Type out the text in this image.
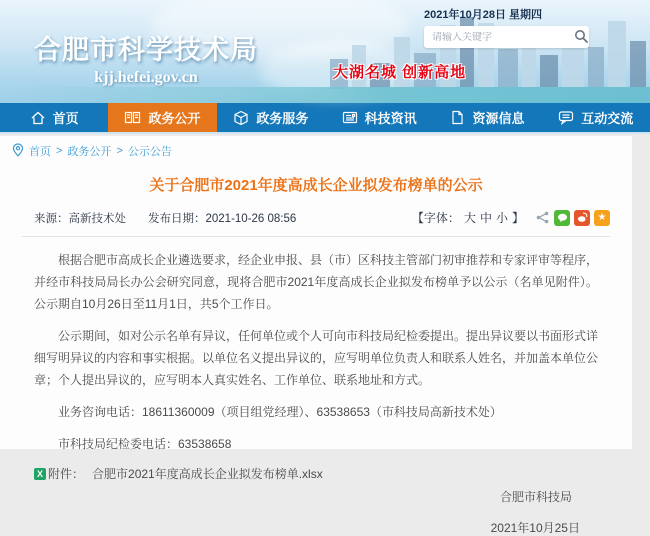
合肥市科学技术局
kjj.hefei.gov.cn
2021年10月28日 星期四
请输入关键字
大湖名城 创新高地
首页	政务公开	政务服务	科技资讯	资源信息	互动交流
首页 > 政务公开 > 公示公告
关于合肥市2021年度高成长企业拟发布榜单的公示
来源：高新技术处 发布日期：2021-10-26 08:56	【字体： 大 中 小 】	★

根据合肥市高成长企业遴选要求，经企业申报、县（市）区科技主管部门初审推荐和专家评审等程序，并经市科技局局长办公会研究同意，现将合肥市2021年度高成长企业拟发布榜单予以公示（名单见附件）。公示期自10月26日至11月1日，共5个工作日。

公示期间，如对公示名单有异议，任何单位或个人可向市科技局纪检委提出。提出异议要以书面形式详细写明异议的内容和事实根据。以单位名义提出异议的，应写明单位负责人和联系人姓名，并加盖本单位公章；个人提出异议的，应写明本人真实姓名、工作单位、联系地址和方式。

业务咨询电话：18611360009（项目组党经理）、63538653（市科技局高新技术处）

市科技局纪检委电话：63538658

X 附件： 合肥市2021年度高成长企业拟发布榜单.xlsx
合肥市科技局
2021年10月25日
